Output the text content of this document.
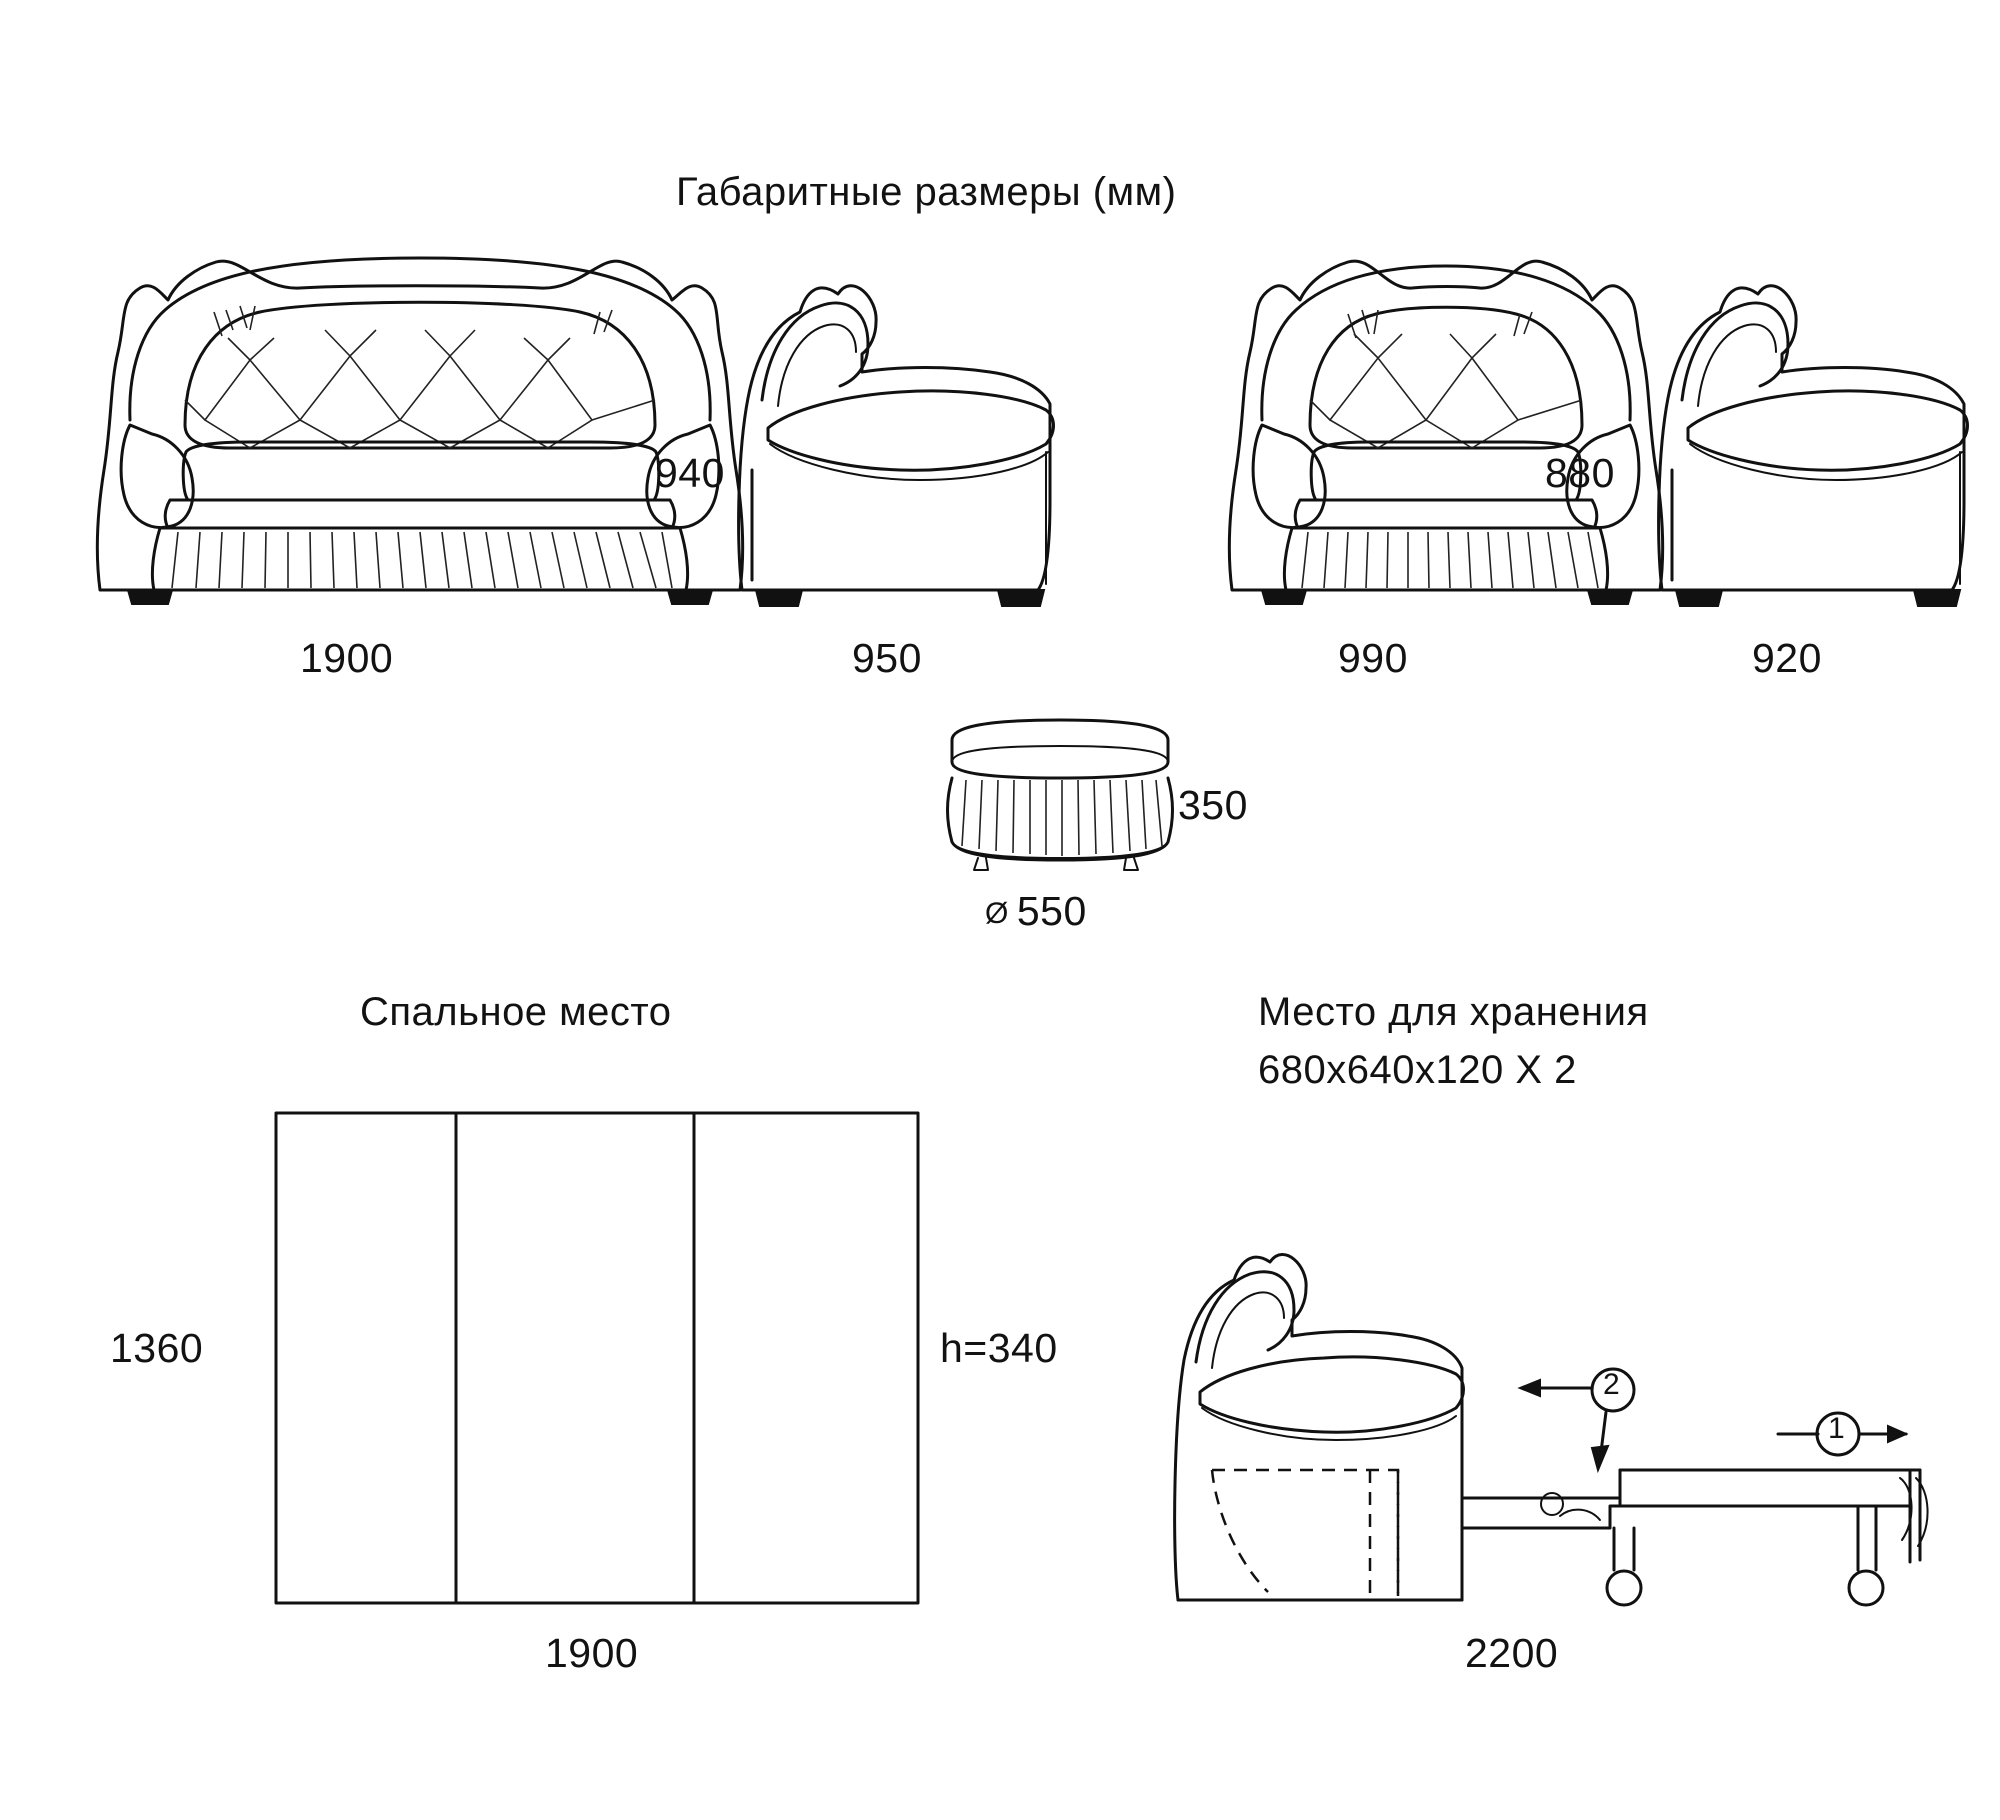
Габаритные размеры (мм)
1900
940
950	990
880
920
350
Ø 550
Спальное место
1360	h=340
1900
Место для хранения
680x640x120 X 2
2200
1
2
